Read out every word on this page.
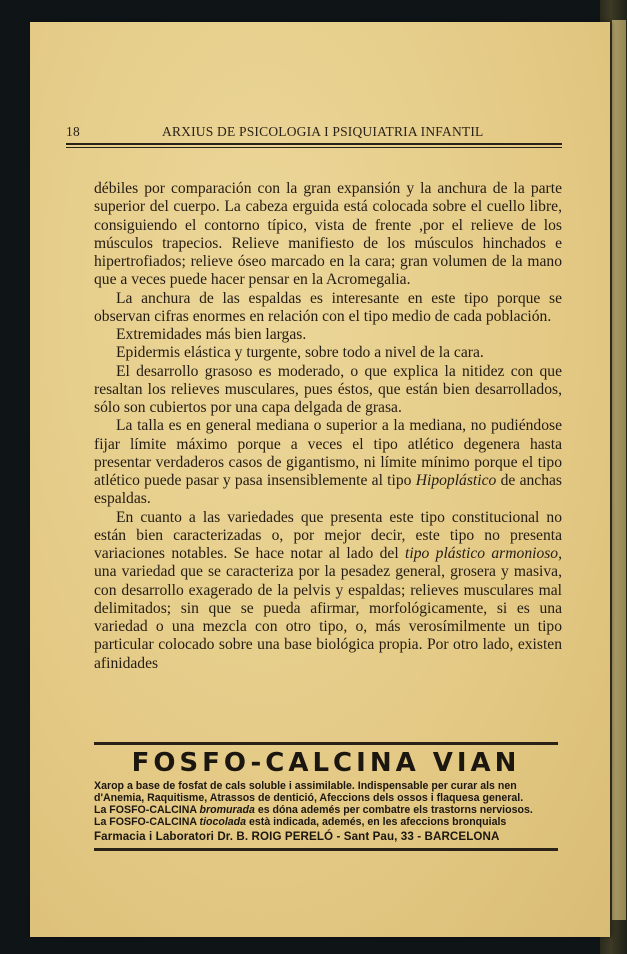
18	ARXIUS DE PSICOLOGIA I PSIQUIATRIA INFANTIL

débiles por comparación con la gran expansión y la anchura de la parte superior del cuerpo. La cabeza erguida está colocada sobre el cuello libre, consiguiendo el contorno típico, vista de frente ,por el relieve de los músculos trapecios. Relieve manifiesto de los músculos hinchados e hipertrofiados; relieve óseo marcado en la cara; gran volumen de la mano que a veces puede hacer pensar en la Acromegalia.

La anchura de las espaldas es interesante en este tipo porque se observan cifras enormes en relación con el tipo medio de cada población.

Extremidades más bien largas.

Epidermis elástica y turgente, sobre todo a nivel de la cara.

El desarrollo grasoso es moderado, o que explica la nitidez con que resaltan los relieves musculares, pues éstos, que están bien desarrollados, sólo son cubiertos por una capa delgada de grasa.

La talla es en general mediana o superior a la mediana, no pudiéndose fijar límite máximo porque a veces el tipo atlético degenera hasta presentar verdaderos casos de gigantismo, ni límite mínimo porque el tipo atlético puede pasar y pasa insensiblemente al tipo Hipoplástico de anchas espaldas.

En cuanto a las variedades que presenta este tipo constitucional no están bien caracterizadas o, por mejor decir, este tipo no presenta variaciones notables. Se hace notar al lado del tipo plástico armonioso, una variedad que se caracteriza por la pesadez general, grosera y masiva, con desarrollo exagerado de la pelvis y espaldas; relieves musculares mal delimitados; sin que se pueda afirmar, morfológicamente, si es una variedad o una mezcla con otro tipo, o, más verosímilmente un tipo particular colocado sobre una base biológica propia. Por otro lado, existen afinidades

FOSFO-CALCINA VIAN
Xarop a base de fosfat de cals soluble i assimilable. Indispensable per curar als nen
d'Anemia, Raquitisme, Atrassos de dentició, Afeccions dels ossos i flaquesa general.
La FOSFO-CALCINA bromurada es dóna ademés per combatre els trastorns nerviosos.
La FOSFO-CALCINA tiocolada està indicada, ademés, en les afeccions bronquials
Farmacia i Laboratori Dr. B. ROIG PERELÓ - Sant Pau, 33 - BARCELONA
